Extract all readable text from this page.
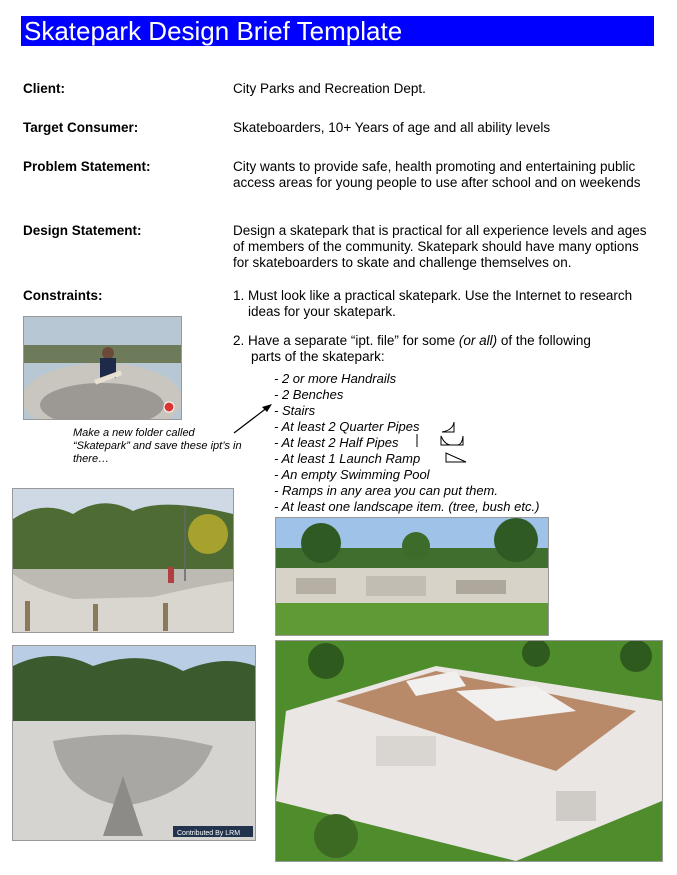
Skatepark Design Brief Template
Client:	City Parks and Recreation Dept.
Target Consumer:	Skateboarders, 10+ Years of age and all ability levels
Problem Statement:	City wants to provide safe, health promoting and entertaining public access areas for young people to use after school and on weekends
Design Statement:	Design a skatepark that is practical for all experience levels and ages of members of the community. Skatepark should have many options for skateboarders to skate and challenge themselves on.
Constraints:	1. Must look like a practical skatepark. Use the Internet to research
ideas for your skatepark.
2. Have a separate “ipt. file” for some (or all) of the following
parts of the skatepark:
- 2 or more Handrails
- 2 Benches
- Stairs
- At least 2 Quarter Pipes
- At least 2 Half Pipes
- At least 1 Launch Ramp
- An empty Swimming Pool
- Ramps in any area you can put them.
- At least one landscape item. (tree, bush etc.)
Make a new folder called “Skatepark” and save these ipt’s in there…
Contributed By LRM
